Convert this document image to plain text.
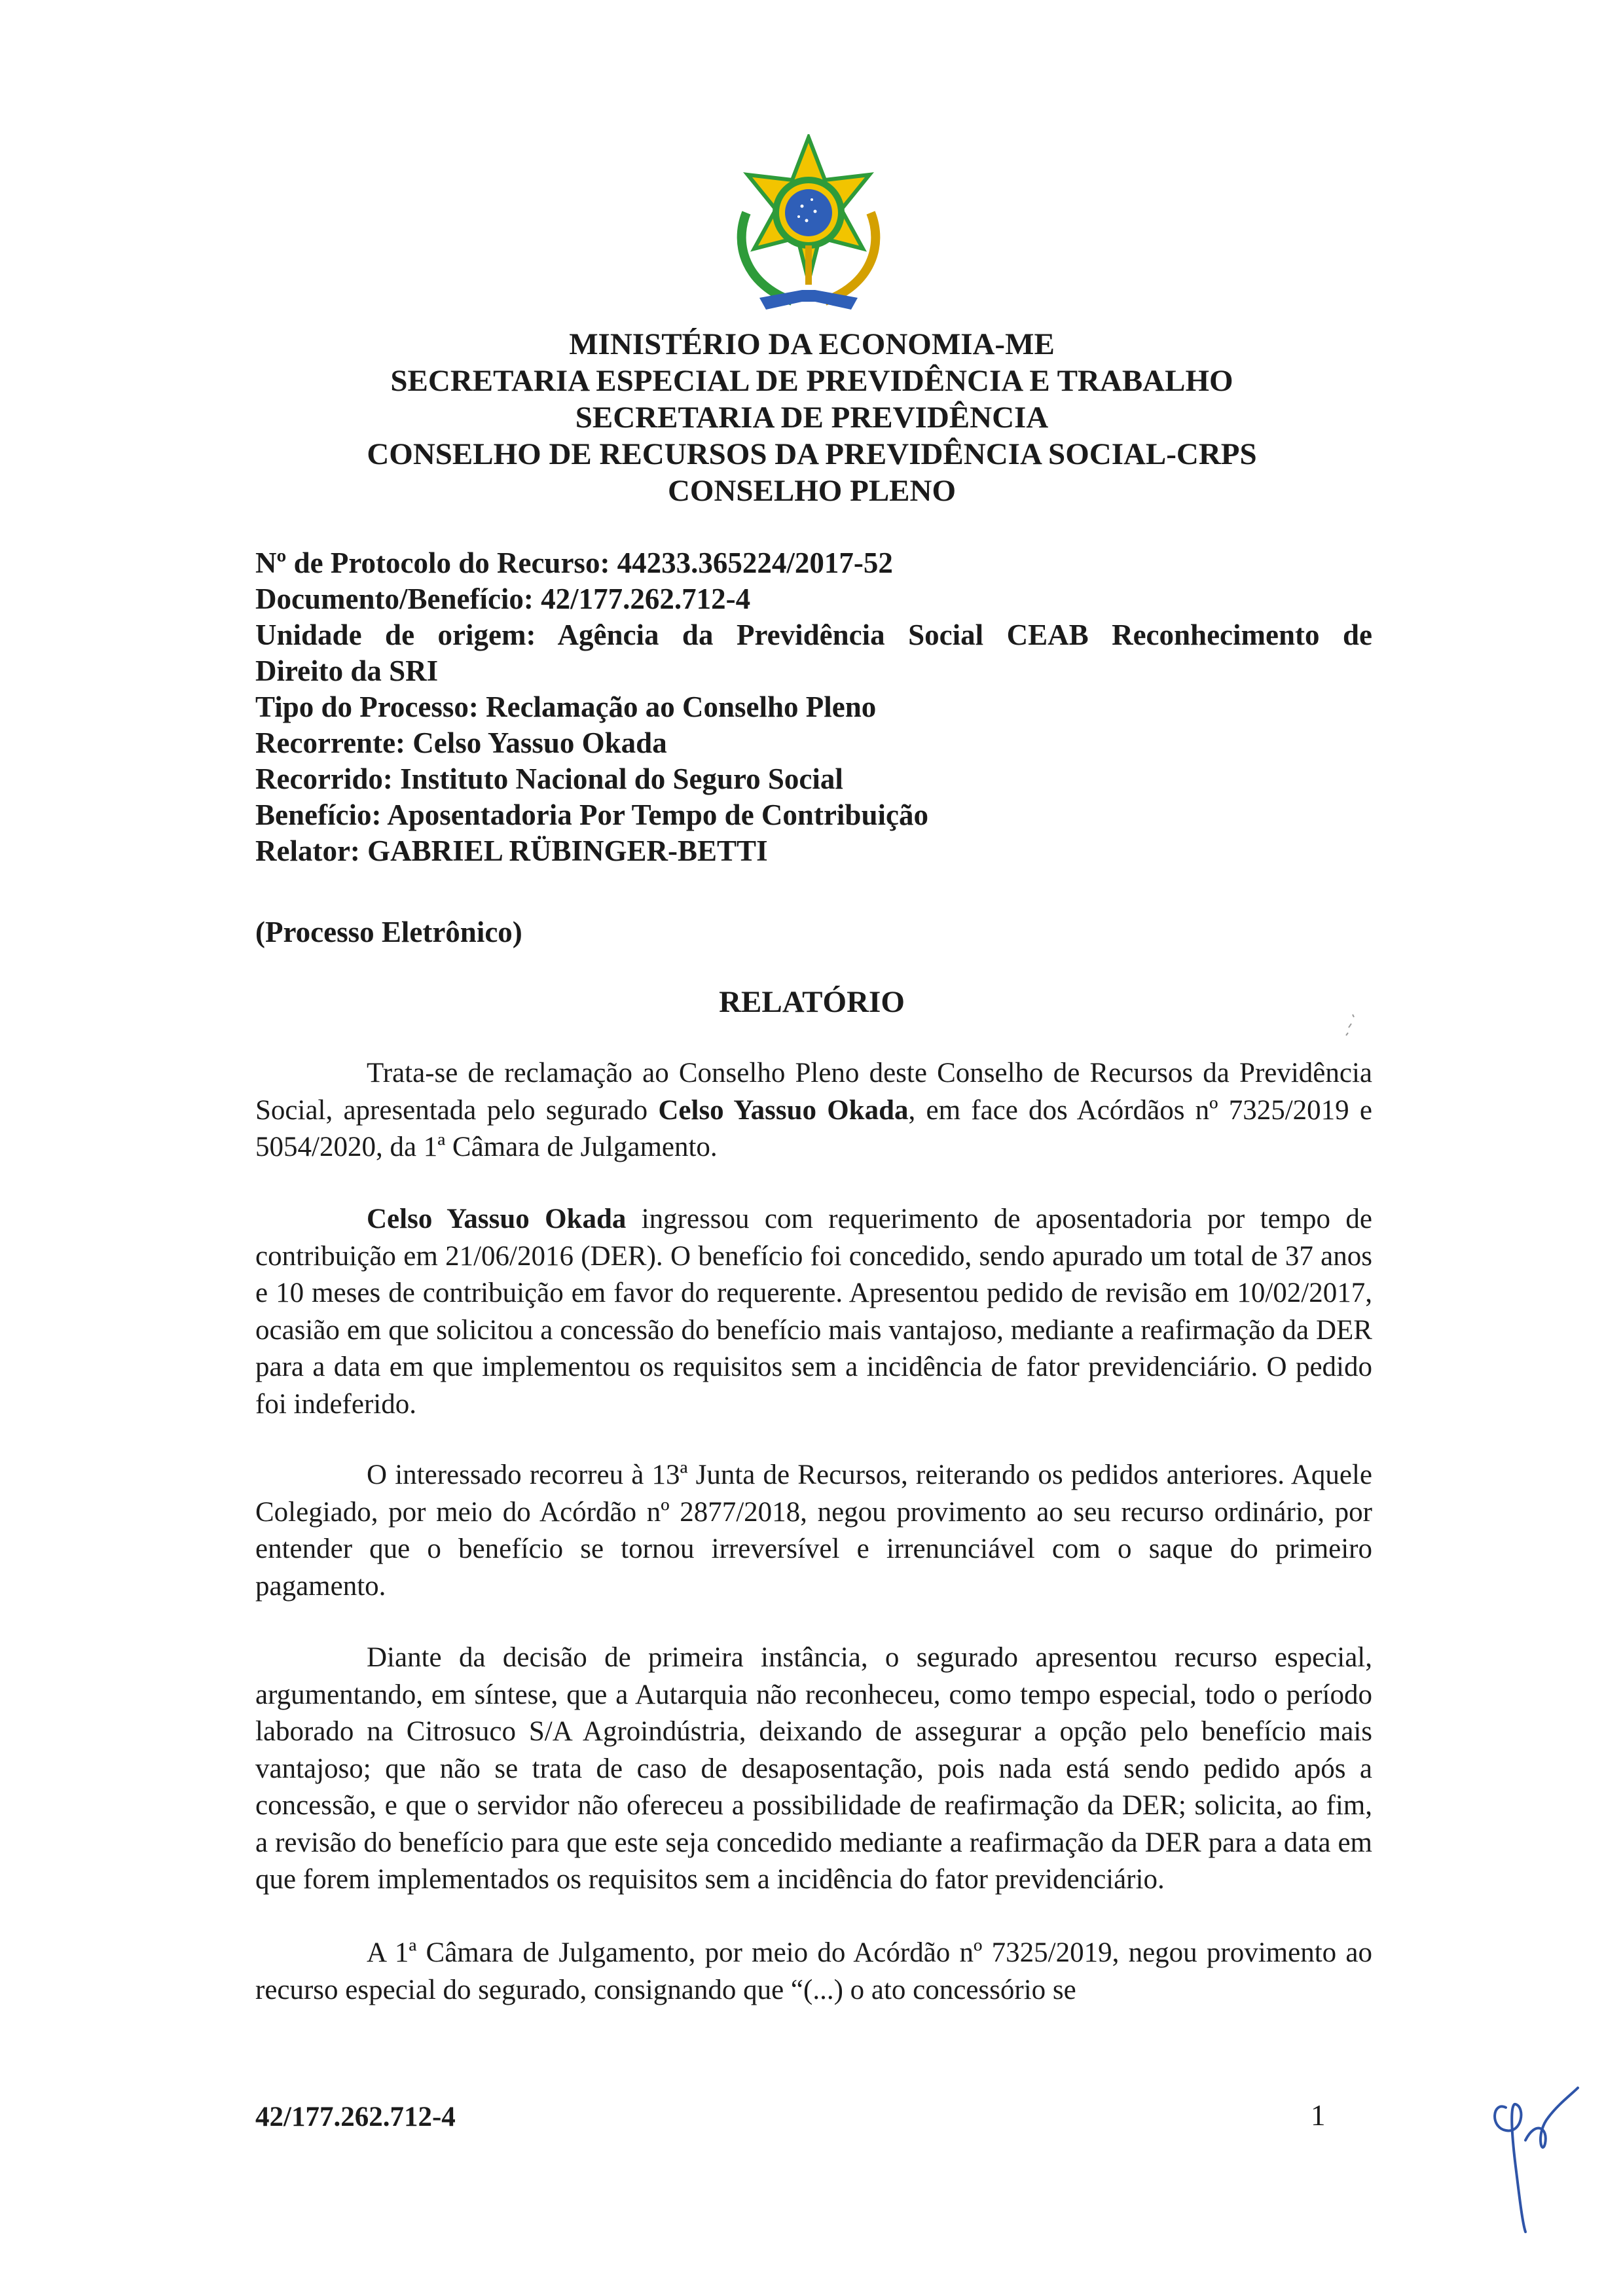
MINISTÉRIO DA ECONOMIA-ME
SECRETARIA ESPECIAL DE PREVIDÊNCIA E TRABALHO
SECRETARIA DE PREVIDÊNCIA
CONSELHO DE RECURSOS DA PREVIDÊNCIA SOCIAL-CRPS
CONSELHO PLENO
Nº de Protocolo do Recurso: 44233.365224/2017-52
Documento/Benefício: 42/177.262.712-4
Unidade de origem: Agência da Previdência Social CEAB Reconhecimento de
Direito da SRI
Tipo do Processo: Reclamação ao Conselho Pleno
Recorrente: Celso Yassuo Okada
Recorrido: Instituto Nacional do Seguro Social
Benefício: Aposentadoria Por Tempo de Contribuição
Relator: GABRIEL RÜBINGER-BETTI
(Processo Eletrônico)
RELATÓRIO

Trata-se de reclamação ao Conselho Pleno deste Conselho de Recursos da Previdência Social, apresentada pelo segurado Celso Yassuo Okada, em face dos Acórdãos nº 7325/2019 e 5054/2020, da 1ª Câmara de Julgamento.

Celso Yassuo Okada ingressou com requerimento de aposentadoria por tempo de contribuição em 21/06/2016 (DER). O benefício foi concedido, sendo apurado um total de 37 anos e 10 meses de contribuição em favor do requerente. Apresentou pedido de revisão em 10/02/2017, ocasião em que solicitou a concessão do benefício mais vantajoso, mediante a reafirmação da DER para a data em que implementou os requisitos sem a incidência de fator previdenciário. O pedido foi indeferido.

O interessado recorreu à 13ª Junta de Recursos, reiterando os pedidos anteriores. Aquele Colegiado, por meio do Acórdão nº 2877/2018, negou provimento ao seu recurso ordinário, por entender que o benefício se tornou irreversível e irrenunciável com o saque do primeiro pagamento.

Diante da decisão de primeira instância, o segurado apresentou recurso especial, argumentando, em síntese, que a Autarquia não reconheceu, como tempo especial, todo o período laborado na Citrosuco S/A Agroindústria, deixando de assegurar a opção pelo benefício mais vantajoso; que não se trata de caso de desaposentação, pois nada está sendo pedido após a concessão, e que o servidor não ofereceu a possibilidade de reafirmação da DER; solicita, ao fim, a revisão do benefício para que este seja concedido mediante a reafirmação da DER para a data em que forem implementados os requisitos sem a incidência do fator previdenciário.

A 1ª Câmara de Julgamento, por meio do Acórdão nº 7325/2019, negou provimento ao recurso especial do segurado, consignando que “(...) o ato concessório se

42/177.262.712-4	1
